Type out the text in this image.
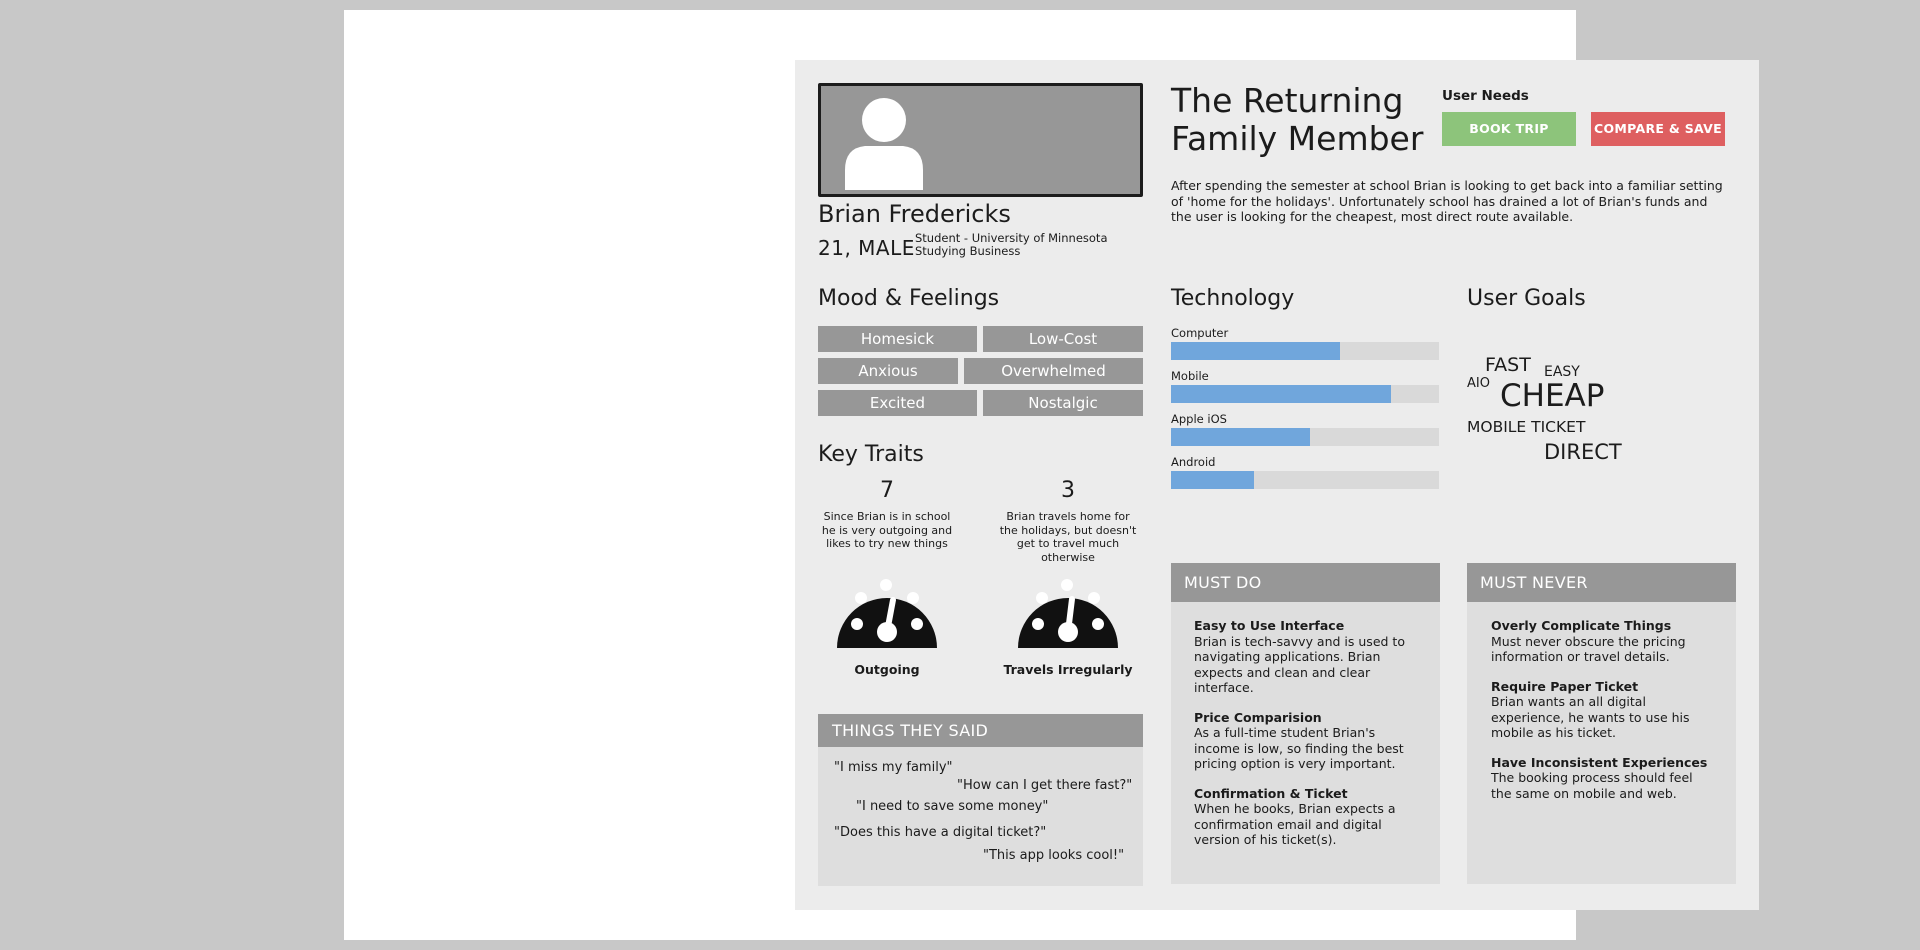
Brian Fredericks
21, MALE Student - University of Minnesota
Studying Business
The Returning
Family Member
User Needs
BOOK TRIP	COMPARE & SAVE
After spending the semester at school Brian is looking to get back into a familiar setting of 'home for the holidays'. Unfortunately school has drained a lot of Brian's funds and the user is looking for the cheapest, most direct route available.
Mood & Feelings
Homesick	Low-Cost
Anxious	Overwhelmed
Excited	Nostalgic
Key Traits
7
Since Brian is in school he is very outgoing and likes to try new things
Outgoing
3
Brian travels home for the holidays, but doesn't get to travel much otherwise
Travels Irregularly
THINGS THEY SAID
"I miss my family"
"How can I get there fast?"
"I need to save some money"
"Does this have a digital ticket?"
"This app looks cool!"
Technology
Computer
Mobile
Apple iOS
Android
User Goals
FAST EASY
AIO CHEAP
MOBILE TICKET
DIRECT
MUST DO
Easy to Use Interface
Brian is tech-savvy and is used to navigating applications. Brian expects and clean and clear interface.
Price Comparision
As a full-time student Brian's income is low, so finding the best pricing option is very important.
Confirmation & Ticket
When he books, Brian expects a confirmation email and digital version of his ticket(s).
MUST NEVER
Overly Complicate Things
Must never obscure the pricing information or travel details.
Require Paper Ticket
Brian wants an all digital experience, he wants to use his mobile as his ticket.
Have Inconsistent Experiences
The booking process should feel the same on mobile and web.
